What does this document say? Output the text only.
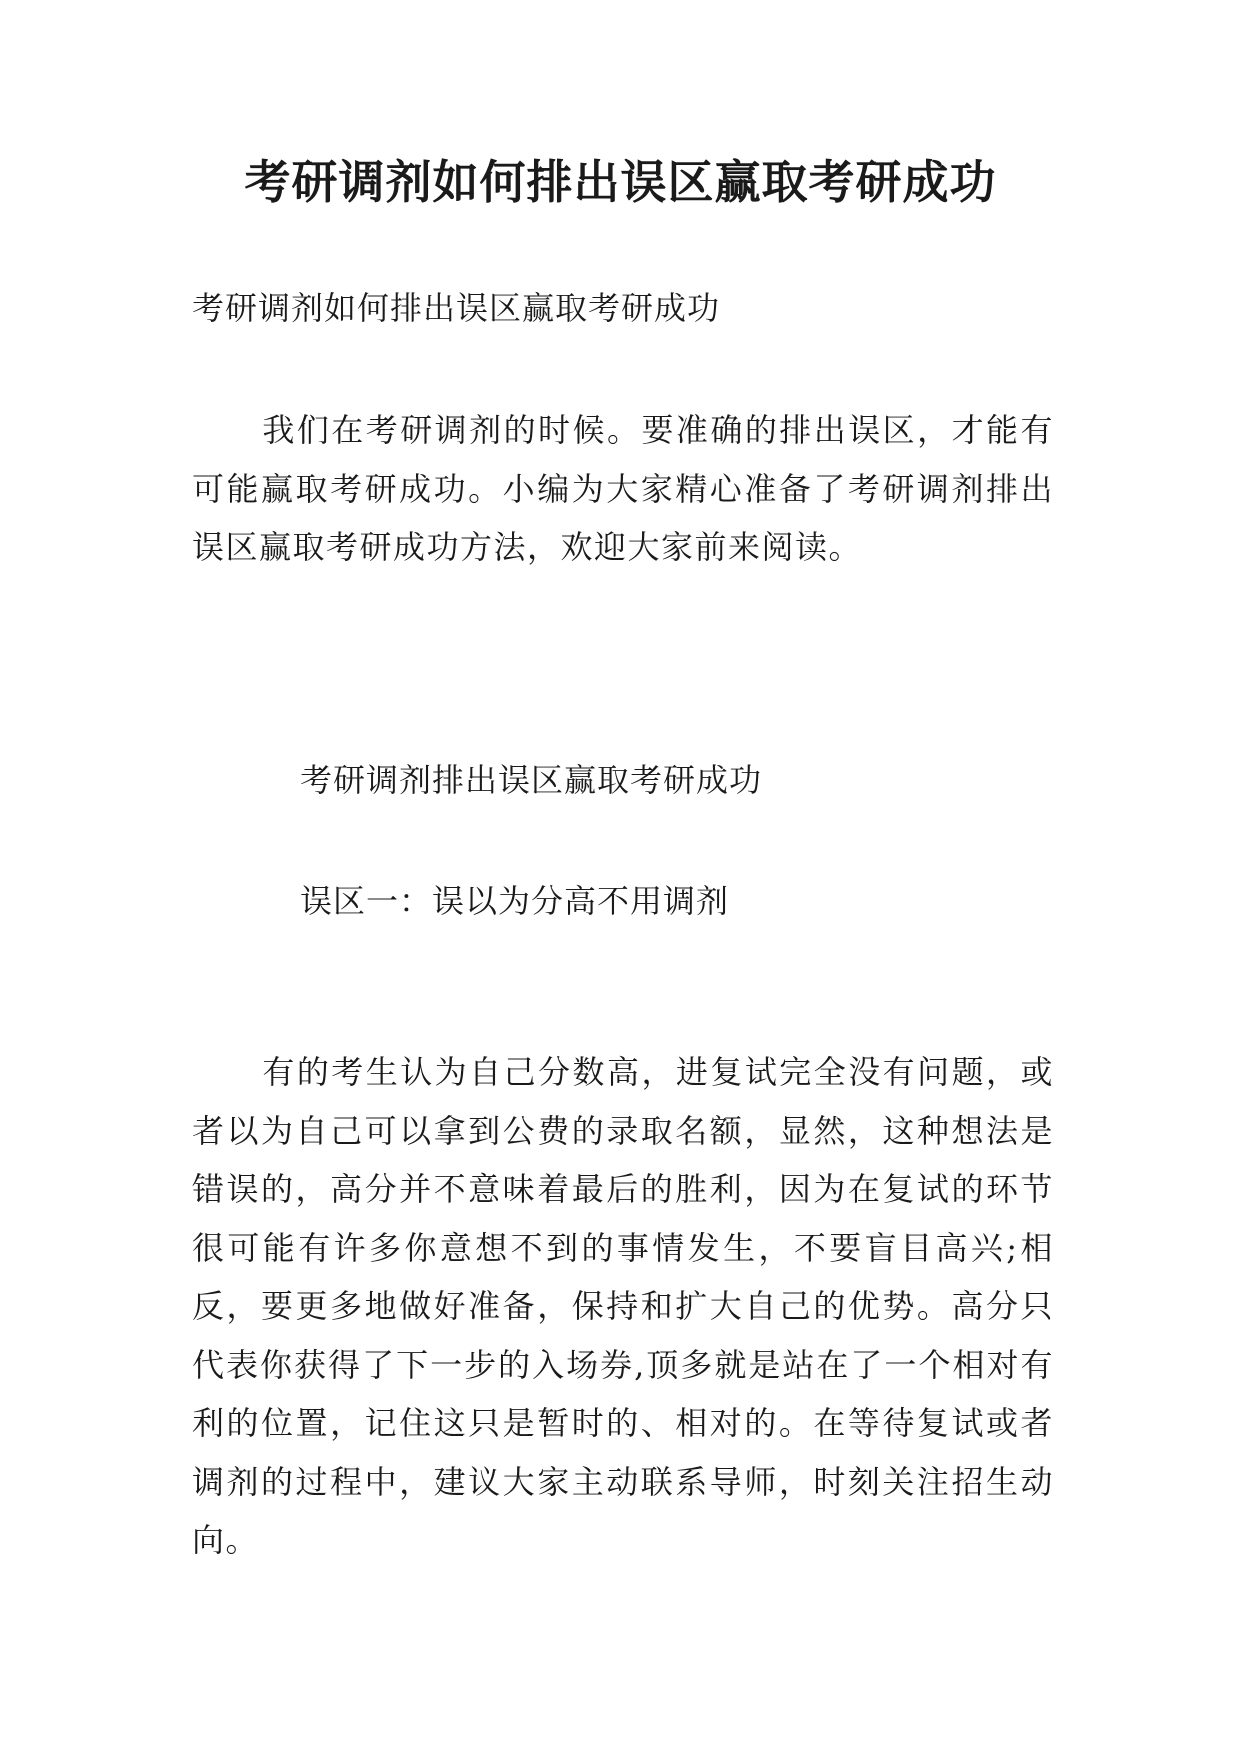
考研调剂如何排出误区赢取考研成功

考研调剂如何排出误区赢取考研成功

我们在考研调剂的时候。要准确的排出误区，才能有可能赢取考研成功。小编为大家精心准备了考研调剂排出误区赢取考研成功方法，欢迎大家前来阅读。

考研调剂排出误区赢取考研成功

误区一：误以为分高不用调剂

有的考生认为自己分数高，进复试完全没有问题，或者以为自己可以拿到公费的录取名额，显然，这种想法是错误的，高分并不意味着最后的胜利，因为在复试的环节很可能有许多你意想不到的事情发生，不要盲目高兴;相反，要更多地做好准备，保持和扩大自己的优势。高分只代表你获得了下一步的入场券,顶多就是站在了一个相对有利的位置，记住这只是暂时的、相对的。在等待复试或者调剂的过程中，建议大家主动联系导师，时刻关注招生动向。
